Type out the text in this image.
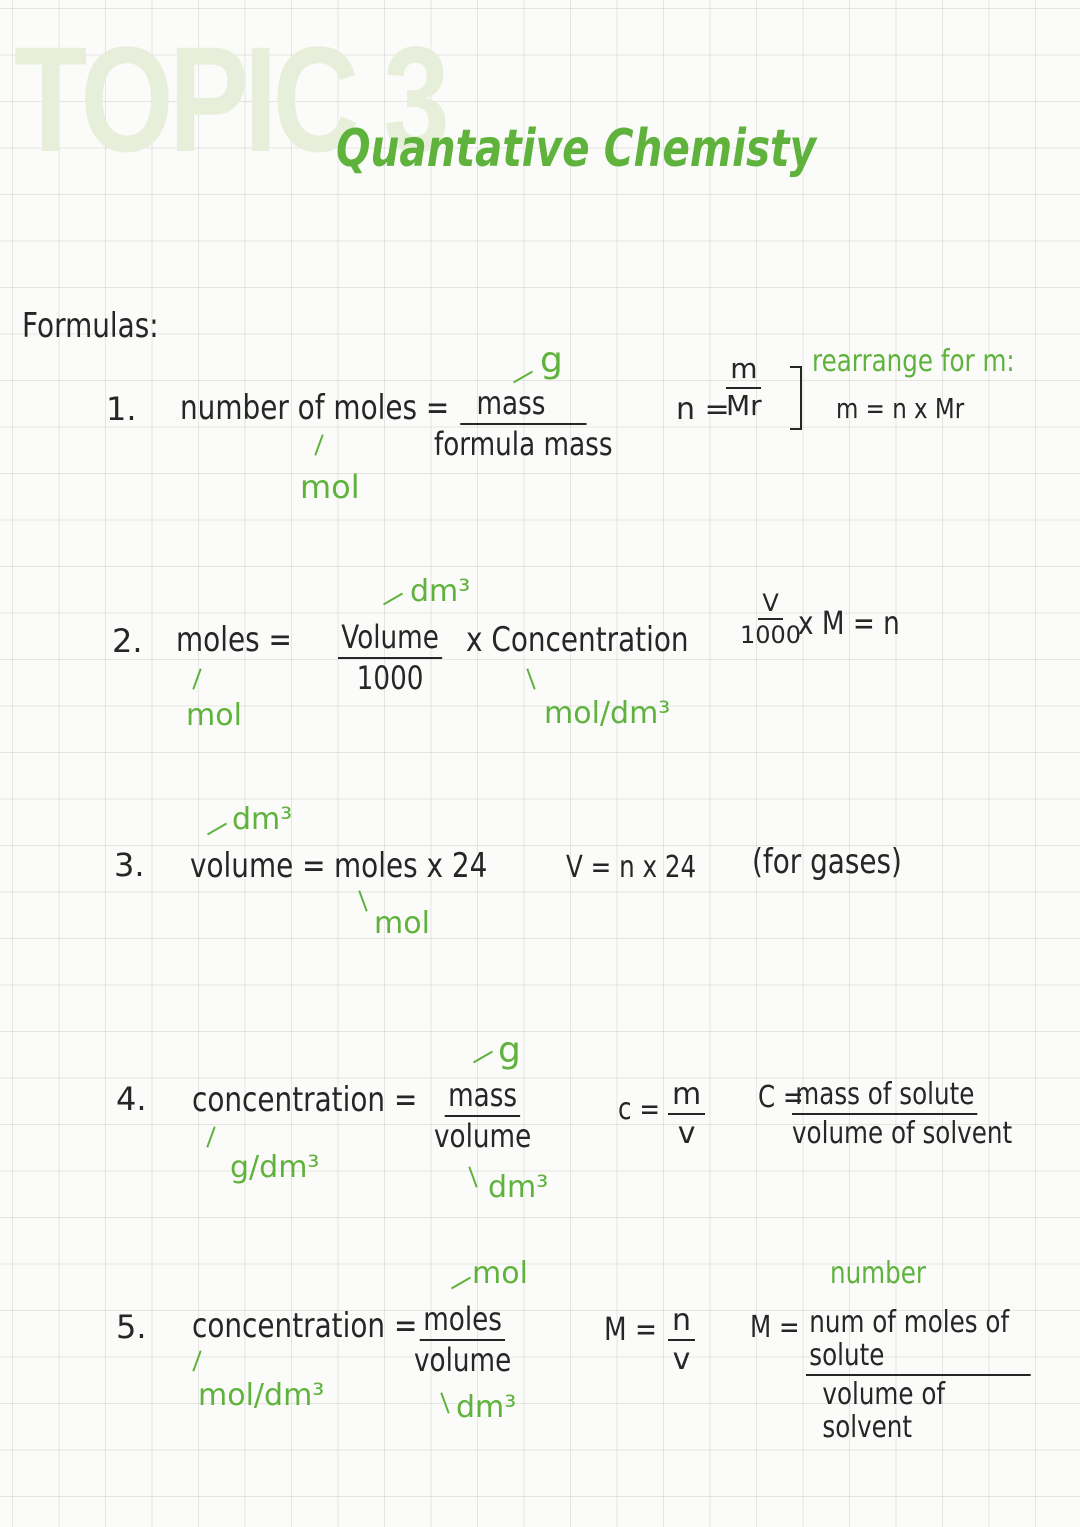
TOPIC 3
Quantative Chemisty
Formulas:
1. number of moles = mass
formula mass
g
mol
n =
$\frac{m}{Mr}$ rearrange for m:
m = n x Mr
2. moles =
mol
Volume
1000
dm³
x Concentration
mol/dm³
$\frac{V}{1000}$
x M = n
3. volume =
dm³
moles x 24
mol
V = n x 24 (for gases)
4. concentration =
g/dm³
mass
volume
g
dm³
$c = \frac{m}{v}$ C =
mass of solute
volume of solvent
5. concentration =
mol/dm³
moles
volume
mol
dm³
$M = \frac{n}{v}$
number
M = num of moles of solute
volume of solvent
